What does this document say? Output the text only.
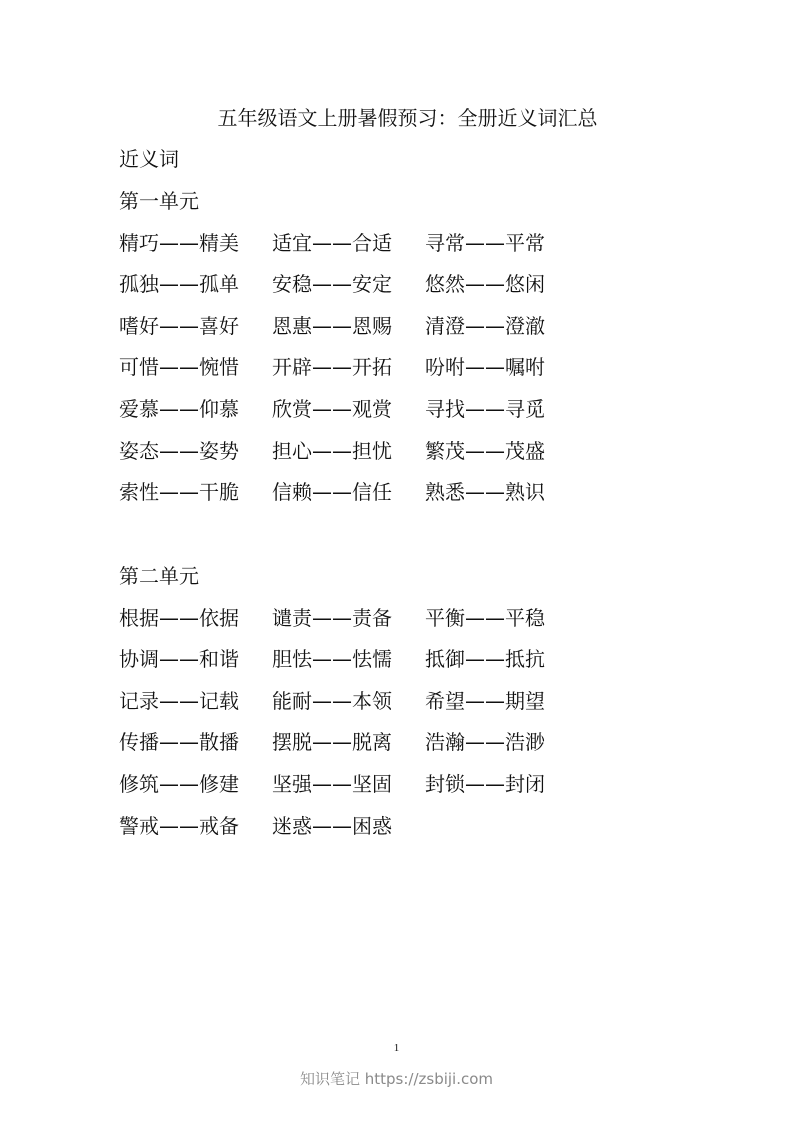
五年级语文上册暑假预习：全册近义词汇总
近义词
第一单元
精巧——精美 适宜——合适 寻常——平常
孤独——孤单 安稳——安定 悠然——悠闲
嗜好——喜好 恩惠——恩赐 清澄——澄澈
可惜——惋惜 开辟——开拓 吩咐——嘱咐
爱慕——仰慕 欣赏——观赏 寻找——寻觅
姿态——姿势 担心——担忧 繁茂——茂盛
索性——干脆 信赖——信任 熟悉——熟识
第二单元
根据——依据 谴责——责备 平衡——平稳
协调——和谐 胆怯——怯懦 抵御——抵抗
记录——记载 能耐——本领 希望——期望
传播——散播 摆脱——脱离 浩瀚——浩渺
修筑——修建 坚强——坚固 封锁——封闭
警戒——戒备 迷惑——困惑
1
知识笔记 https://zsbiji.com
